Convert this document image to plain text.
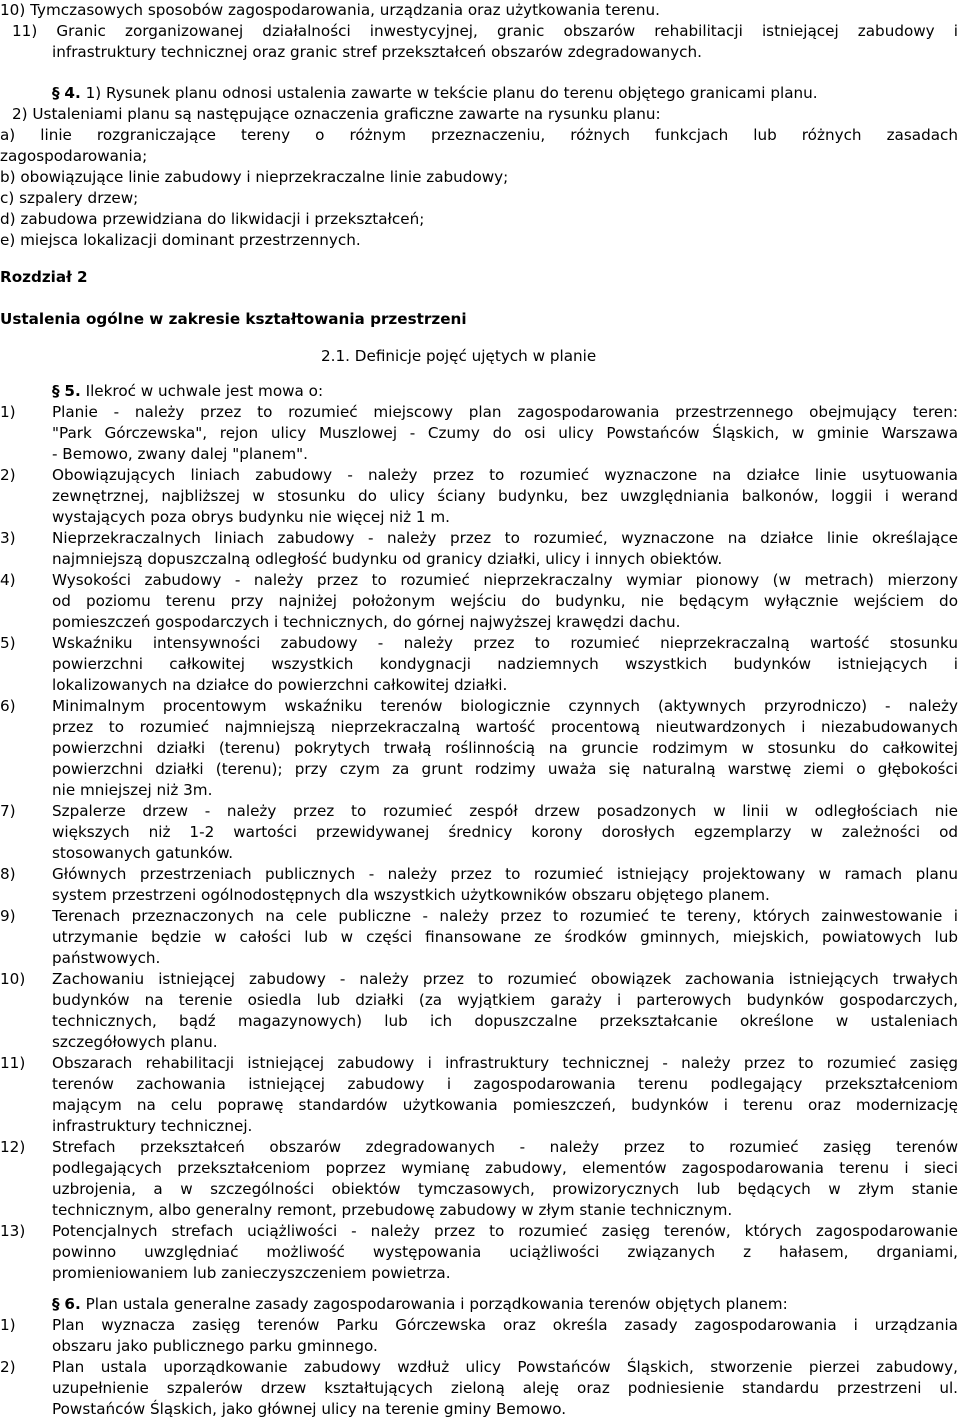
10) Tymczasowych sposobów zagospodarowania, urządzania oraz użytkowania terenu.
11) Granic zorganizowanej działalności inwestycyjnej, granic obszarów rehabilitacji istniejącej zabudowy i
infrastruktury technicznej oraz granic stref przekształceń obszarów zdegradowanych.
§ 4. 1) Rysunek planu odnosi ustalenia zawarte w tekście planu do terenu objętego granicami planu.
2) Ustaleniami planu są następujące oznaczenia graficzne zawarte na rysunku planu:
a) linie rozgraniczające tereny o różnym przeznaczeniu, różnych funkcjach lub różnych zasadach
zagospodarowania;
b) obowiązujące linie zabudowy i nieprzekraczalne linie zabudowy;
c) szpalery drzew;
d) zabudowa przewidziana do likwidacji i przekształceń;
e) miejsca lokalizacji dominant przestrzennych.
Rozdział 2
Ustalenia ogólne w zakresie kształtowania przestrzeni
2.1. Definicje pojęć ujętych w planie
§ 5. Ilekroć w uchwale jest mowa o:
1)	Planie - należy przez to rozumieć miejscowy plan zagospodarowania przestrzennego obejmujący teren:
"Park Górczewska", rejon ulicy Muszlowej - Czumy do osi ulicy Powstańców Śląskich, w gminie Warszawa
- Bemowo, zwany dalej "planem".
2)	Obowiązujących liniach zabudowy - należy przez to rozumieć wyznaczone na działce linie usytuowania
zewnętrznej, najbliższej w stosunku do ulicy ściany budynku, bez uwzględniania balkonów, loggii i werand
wystających poza obrys budynku nie więcej niż 1 m.
3)	Nieprzekraczalnych liniach zabudowy - należy przez to rozumieć, wyznaczone na działce linie określające
najmniejszą dopuszczalną odległość budynku od granicy działki, ulicy i innych obiektów.
4)	Wysokości zabudowy - należy przez to rozumieć nieprzekraczalny wymiar pionowy (w metrach) mierzony
od poziomu terenu przy najniżej położonym wejściu do budynku, nie będącym wyłącznie wejściem do
pomieszczeń gospodarczych i technicznych, do górnej najwyższej krawędzi dachu.
5)	Wskaźniku intensywności zabudowy - należy przez to rozumieć nieprzekraczalną wartość stosunku
powierzchni całkowitej wszystkich kondygnacji nadziemnych wszystkich budynków istniejących i
lokalizowanych na działce do powierzchni całkowitej działki.
6)	Minimalnym procentowym wskaźniku terenów biologicznie czynnych (aktywnych przyrodniczo) - należy
przez to rozumieć najmniejszą nieprzekraczalną wartość procentową nieutwardzonych i niezabudowanych
powierzchni działki (terenu) pokrytych trwałą roślinnością na gruncie rodzimym w stosunku do całkowitej
powierzchni działki (terenu); przy czym za grunt rodzimy uważa się naturalną warstwę ziemi o głębokości
nie mniejszej niż 3m.
7)	Szpalerze drzew - należy przez to rozumieć zespół drzew posadzonych w linii w odległościach nie
większych niż 1-2 wartości przewidywanej średnicy korony dorosłych egzemplarzy w zależności od
stosowanych gatunków.
8)	Głównych przestrzeniach publicznych - należy przez to rozumieć istniejący projektowany w ramach planu
system przestrzeni ogólnodostępnych dla wszystkich użytkowników obszaru objętego planem.
9)	Terenach przeznaczonych na cele publiczne - należy przez to rozumieć te tereny, których zainwestowanie i
utrzymanie będzie w całości lub w części finansowane ze środków gminnych, miejskich, powiatowych lub
państwowych.
10)	Zachowaniu istniejącej zabudowy - należy przez to rozumieć obowiązek zachowania istniejących trwałych
budynków na terenie osiedla lub działki (za wyjątkiem garaży i parterowych budynków gospodarczych,
technicznych, bądź magazynowych) lub ich dopuszczalne przekształcanie określone w ustaleniach
szczegółowych planu.
11)	Obszarach rehabilitacji istniejącej zabudowy i infrastruktury technicznej - należy przez to rozumieć zasięg
terenów zachowania istniejącej zabudowy i zagospodarowania terenu podlegający przekształceniom
mającym na celu poprawę standardów użytkowania pomieszczeń, budynków i terenu oraz modernizację
infrastruktury technicznej.
12)	Strefach przekształceń obszarów zdegradowanych - należy przez to rozumieć zasięg terenów
podlegających przekształceniom poprzez wymianę zabudowy, elementów zagospodarowania terenu i sieci
uzbrojenia, a w szczególności obiektów tymczasowych, prowizorycznych lub będących w złym stanie
technicznym, albo generalny remont, przebudowę zabudowy w złym stanie technicznym.
13)	Potencjalnych strefach uciążliwości - należy przez to rozumieć zasięg terenów, których zagospodarowanie
powinno uwzględniać możliwość występowania uciążliwości związanych z hałasem, drganiami,
promieniowaniem lub zanieczyszczeniem powietrza.
§ 6. Plan ustala generalne zasady zagospodarowania i porządkowania terenów objętych planem:
1)	Plan wyznacza zasięg terenów Parku Górczewska oraz określa zasady zagospodarowania i urządzania
obszaru jako publicznego parku gminnego.
2)	Plan ustala uporządkowanie zabudowy wzdłuż ulicy Powstańców Śląskich, stworzenie pierzei zabudowy,
uzupełnienie szpalerów drzew kształtujących zieloną aleję oraz podniesienie standardu przestrzeni ul.
Powstańców Śląskich, jako głównej ulicy na terenie gminy Bemowo.
